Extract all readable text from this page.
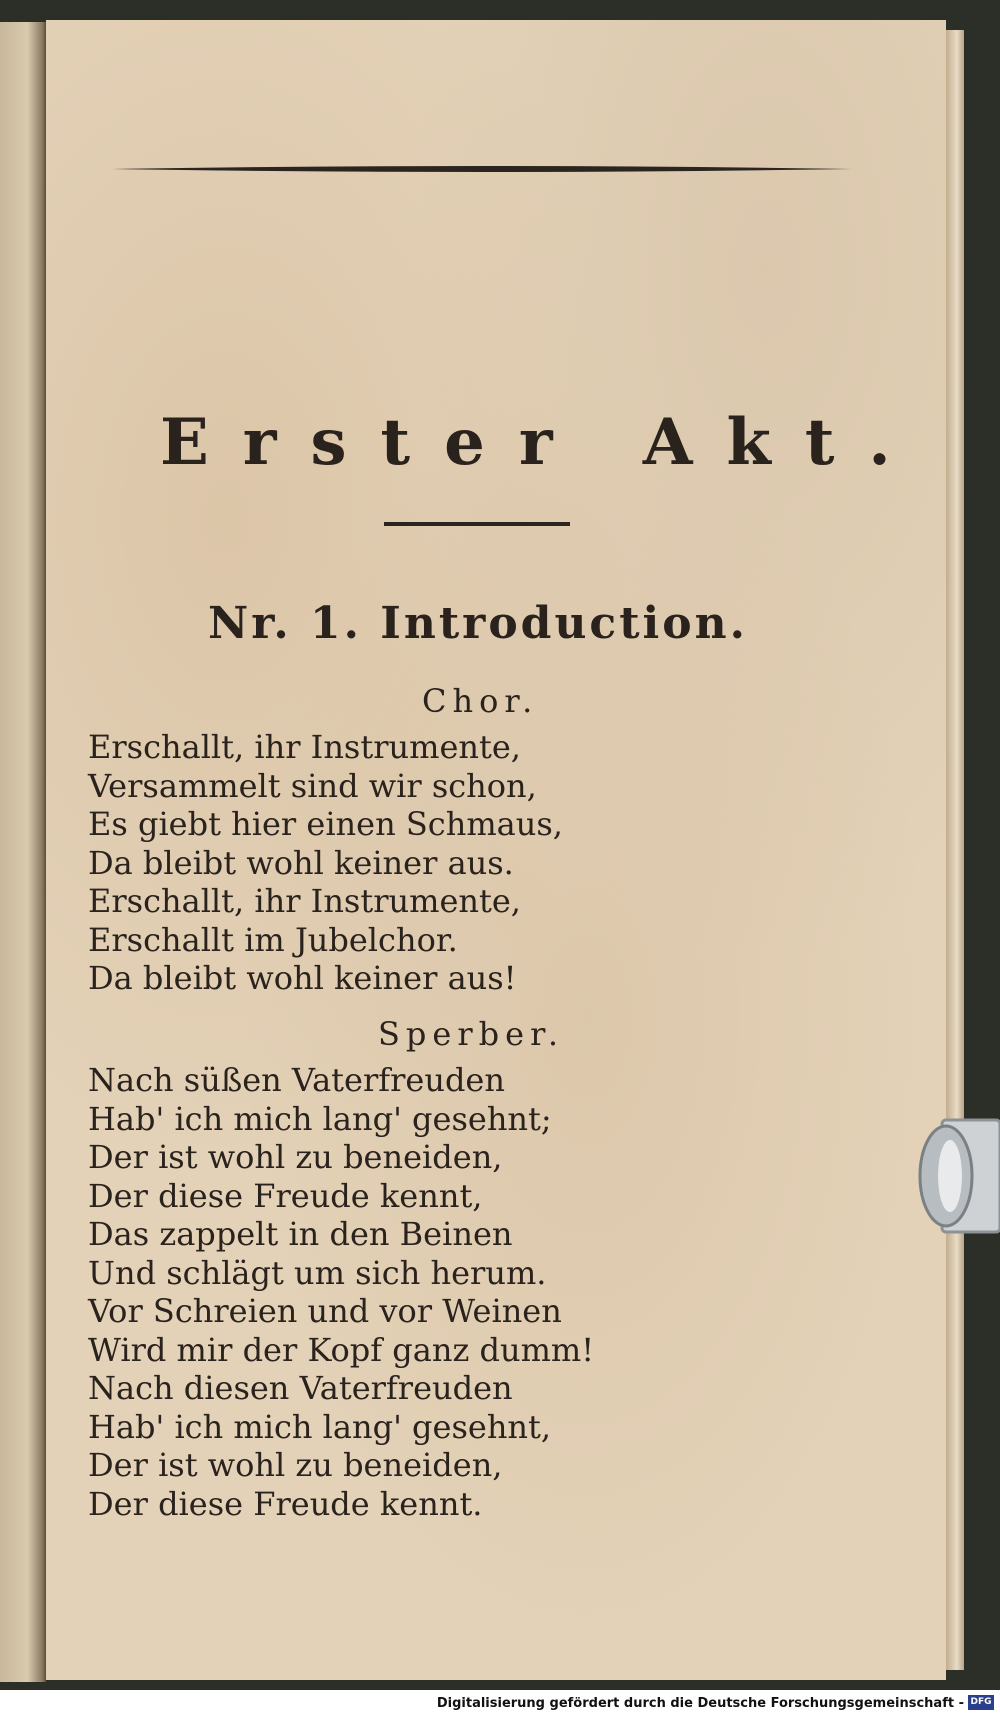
Erster Akt.
Nr. 1. Introduction.
Chor.
Erschallt, ihr Instrumente,
Versammelt sind wir schon,
Es giebt hier einen Schmaus,
Da bleibt wohl keiner aus.
Erschallt, ihr Instrumente,
Erschallt im Jubelchor.
Da bleibt wohl keiner aus!
Sperber.
Nach süßen Vaterfreuden
Hab' ich mich lang' gesehnt;
Der ist wohl zu beneiden,
Der diese Freude kennt,
Das zappelt in den Beinen
Und schlägt um sich herum.
Vor Schreien und vor Weinen
Wird mir der Kopf ganz dumm!
Nach diesen Vaterfreuden
Hab' ich mich lang' gesehnt,
Der ist wohl zu beneiden,
Der diese Freude kennt.
Digitalisierung gefördert durch die Deutsche Forschungsgemeinschaft - DFG
